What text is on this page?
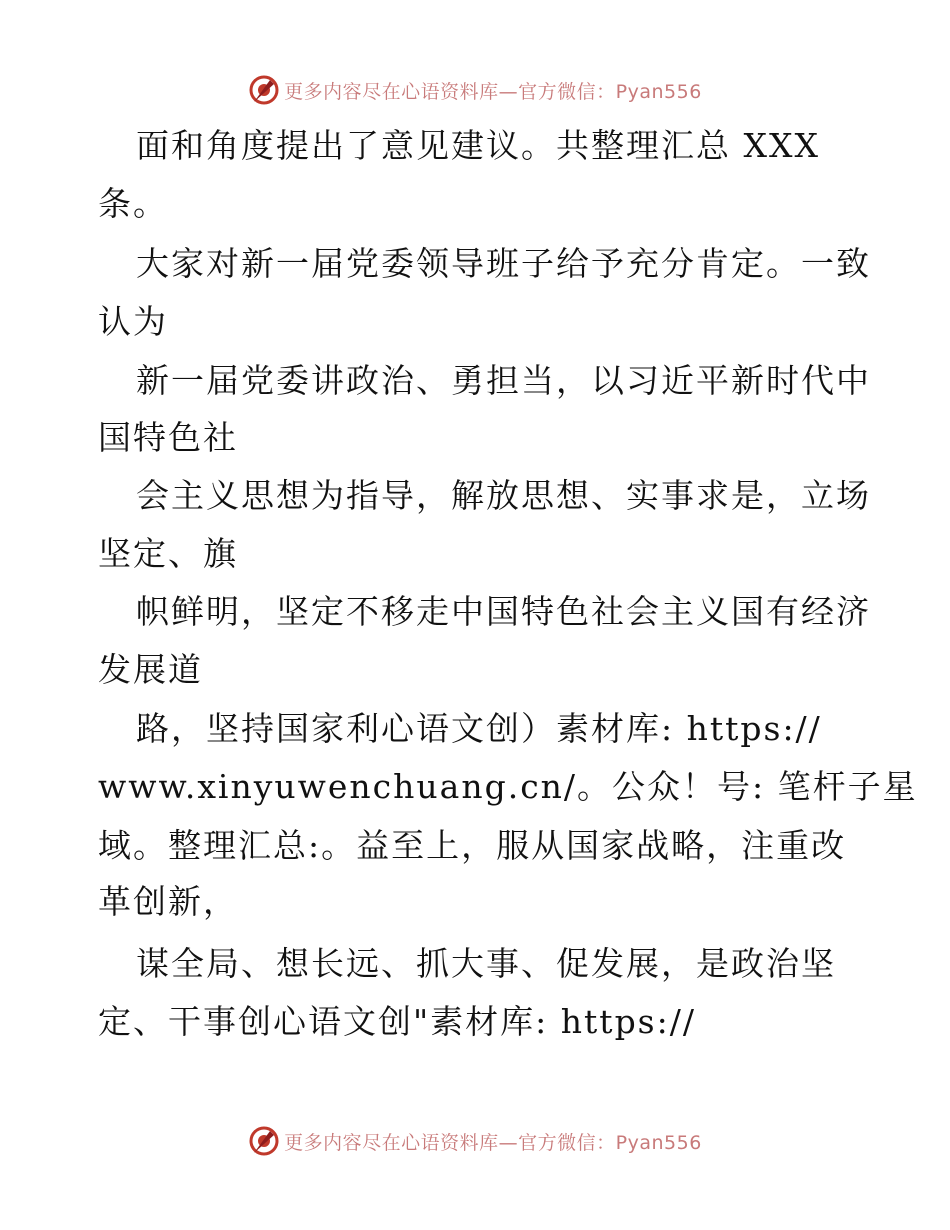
更多内容尽在心语资料库—官方微信：Pyan556
面和角度提出了意见建议。共整理汇总 XXX
条。
大家对新一届党委领导班子给予充分肯定。一致
认为
新一届党委讲政治、勇担当，以习近平新时代中
国特色社
会主义思想为指导，解放思想、实事求是，立场
坚定、旗
帜鲜明，坚定不移走中国特色社会主义国有经济
发展道
路，坚持国家利心语文创）素材库: https://
www.xinyuwenchuang.cn/。公众！号: 笔杆子星
域。整理汇总:。益至上，服从国家战略，注重改
革创新，
谋全局、想长远、抓大事、促发展，是政治坚
定、干事创心语文创"素材库: https://
更多内容尽在心语资料库—官方微信：Pyan556
